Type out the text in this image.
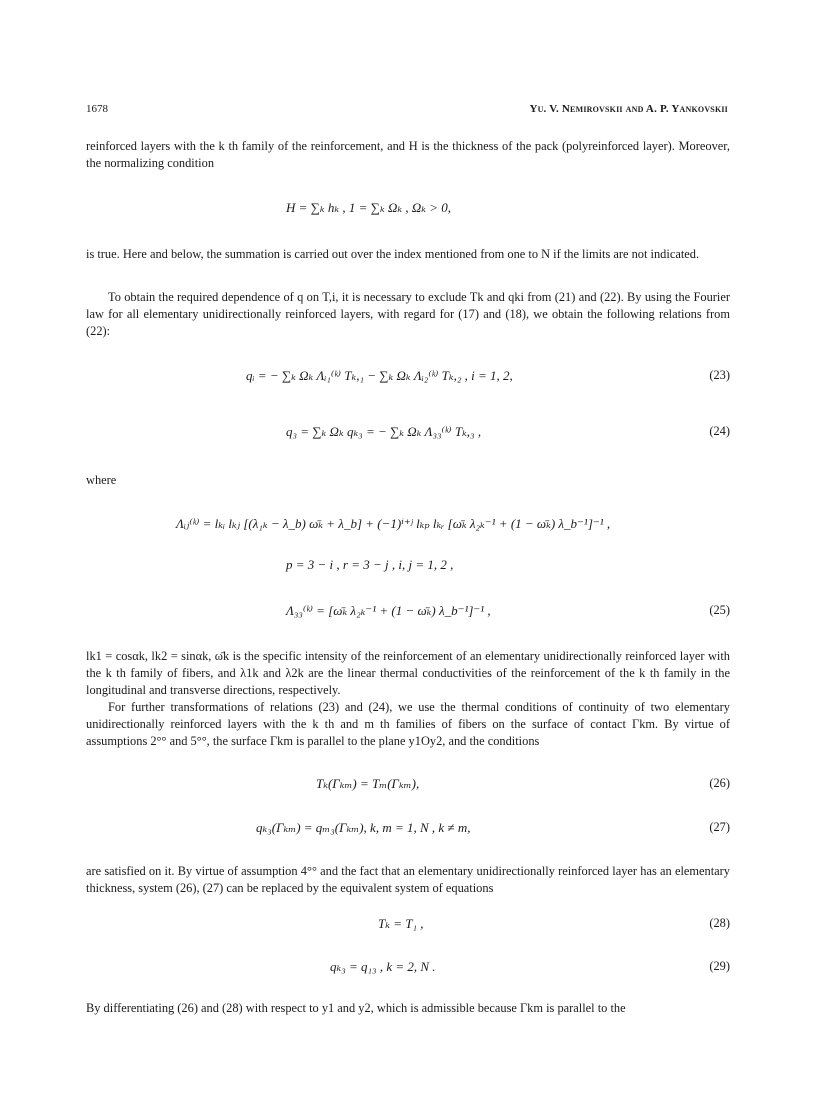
1678	Yu. V. Nemirovskii and A. P. Yankovskii

reinforced layers with the k th family of the reinforcement, and H is the thickness of the pack (polyreinforced layer). Moreover, the normalizing condition

H = ∑ₖ hₖ , 1 = ∑ₖ Ωₖ , Ωₖ > 0,

is true. Here and below, the summation is carried out over the index mentioned from one to N if the limits are not indicated.

To obtain the required dependence of q on T,i, it is necessary to exclude Tk and qki from (21) and (22). By using the Fourier law for all elementary unidirectionally reinforced layers, with regard for (17) and (18), we obtain the following relations from (22):

qᵢ = − ∑ₖ Ωₖ Λᵢ₁⁽ᵏ⁾ Tₖ,₁ − ∑ₖ Ωₖ Λᵢ₂⁽ᵏ⁾ Tₖ,₂ , i = 1, 2,	(23)
q₃ = ∑ₖ Ωₖ qₖ₃ = − ∑ₖ Ωₖ Λ₃₃⁽ᵏ⁾ Tₖ,₃ ,	(24)
where
Λᵢⱼ⁽ᵏ⁾ = lₖᵢ lₖⱼ [(λ₁ₖ − λ_b) ω̄ₖ + λ_b] + (−1)ⁱ⁺ʲ lₖₚ lₖᵣ [ω̄ₖ λ₂ₖ⁻¹ + (1 − ω̄ₖ) λ_b⁻¹]⁻¹ ,
p = 3 − i , r = 3 − j , i, j = 1, 2 ,
Λ₃₃⁽ᵏ⁾ = [ω̄ₖ λ₂ₖ⁻¹ + (1 − ω̄ₖ) λ_b⁻¹]⁻¹ ,	(25)

lk1 = cosαk, lk2 = sinαk, ω̄k is the specific intensity of the reinforcement of an elementary unidirectionally reinforced layer with the k th family of fibers, and λ1k and λ2k are the linear thermal conductivities of the reinforcement of the k th family in the longitudinal and transverse directions, respectively.

For further transformations of relations (23) and (24), we use the thermal conditions of continuity of two elementary unidirectionally reinforced layers with the k th and m th families of fibers on the surface of contact Γkm. By virtue of assumptions 2°° and 5°°, the surface Γkm is parallel to the plane y1Oy2, and the conditions

Tₖ(Γₖₘ) = Tₘ(Γₖₘ),	(26)
qₖ₃(Γₖₘ) = qₘ₃(Γₖₘ), k, m = 1, N , k ≠ m,	(27)

are satisfied on it. By virtue of assumption 4°° and the fact that an elementary unidirectionally reinforced layer has an elementary thickness, system (26), (27) can be replaced by the equivalent system of equations

Tₖ = T₁ ,	(28)
qₖ₃ = q₁₃ , k = 2, N .	(29)

By differentiating (26) and (28) with respect to y1 and y2, which is admissible because Γkm is parallel to the
